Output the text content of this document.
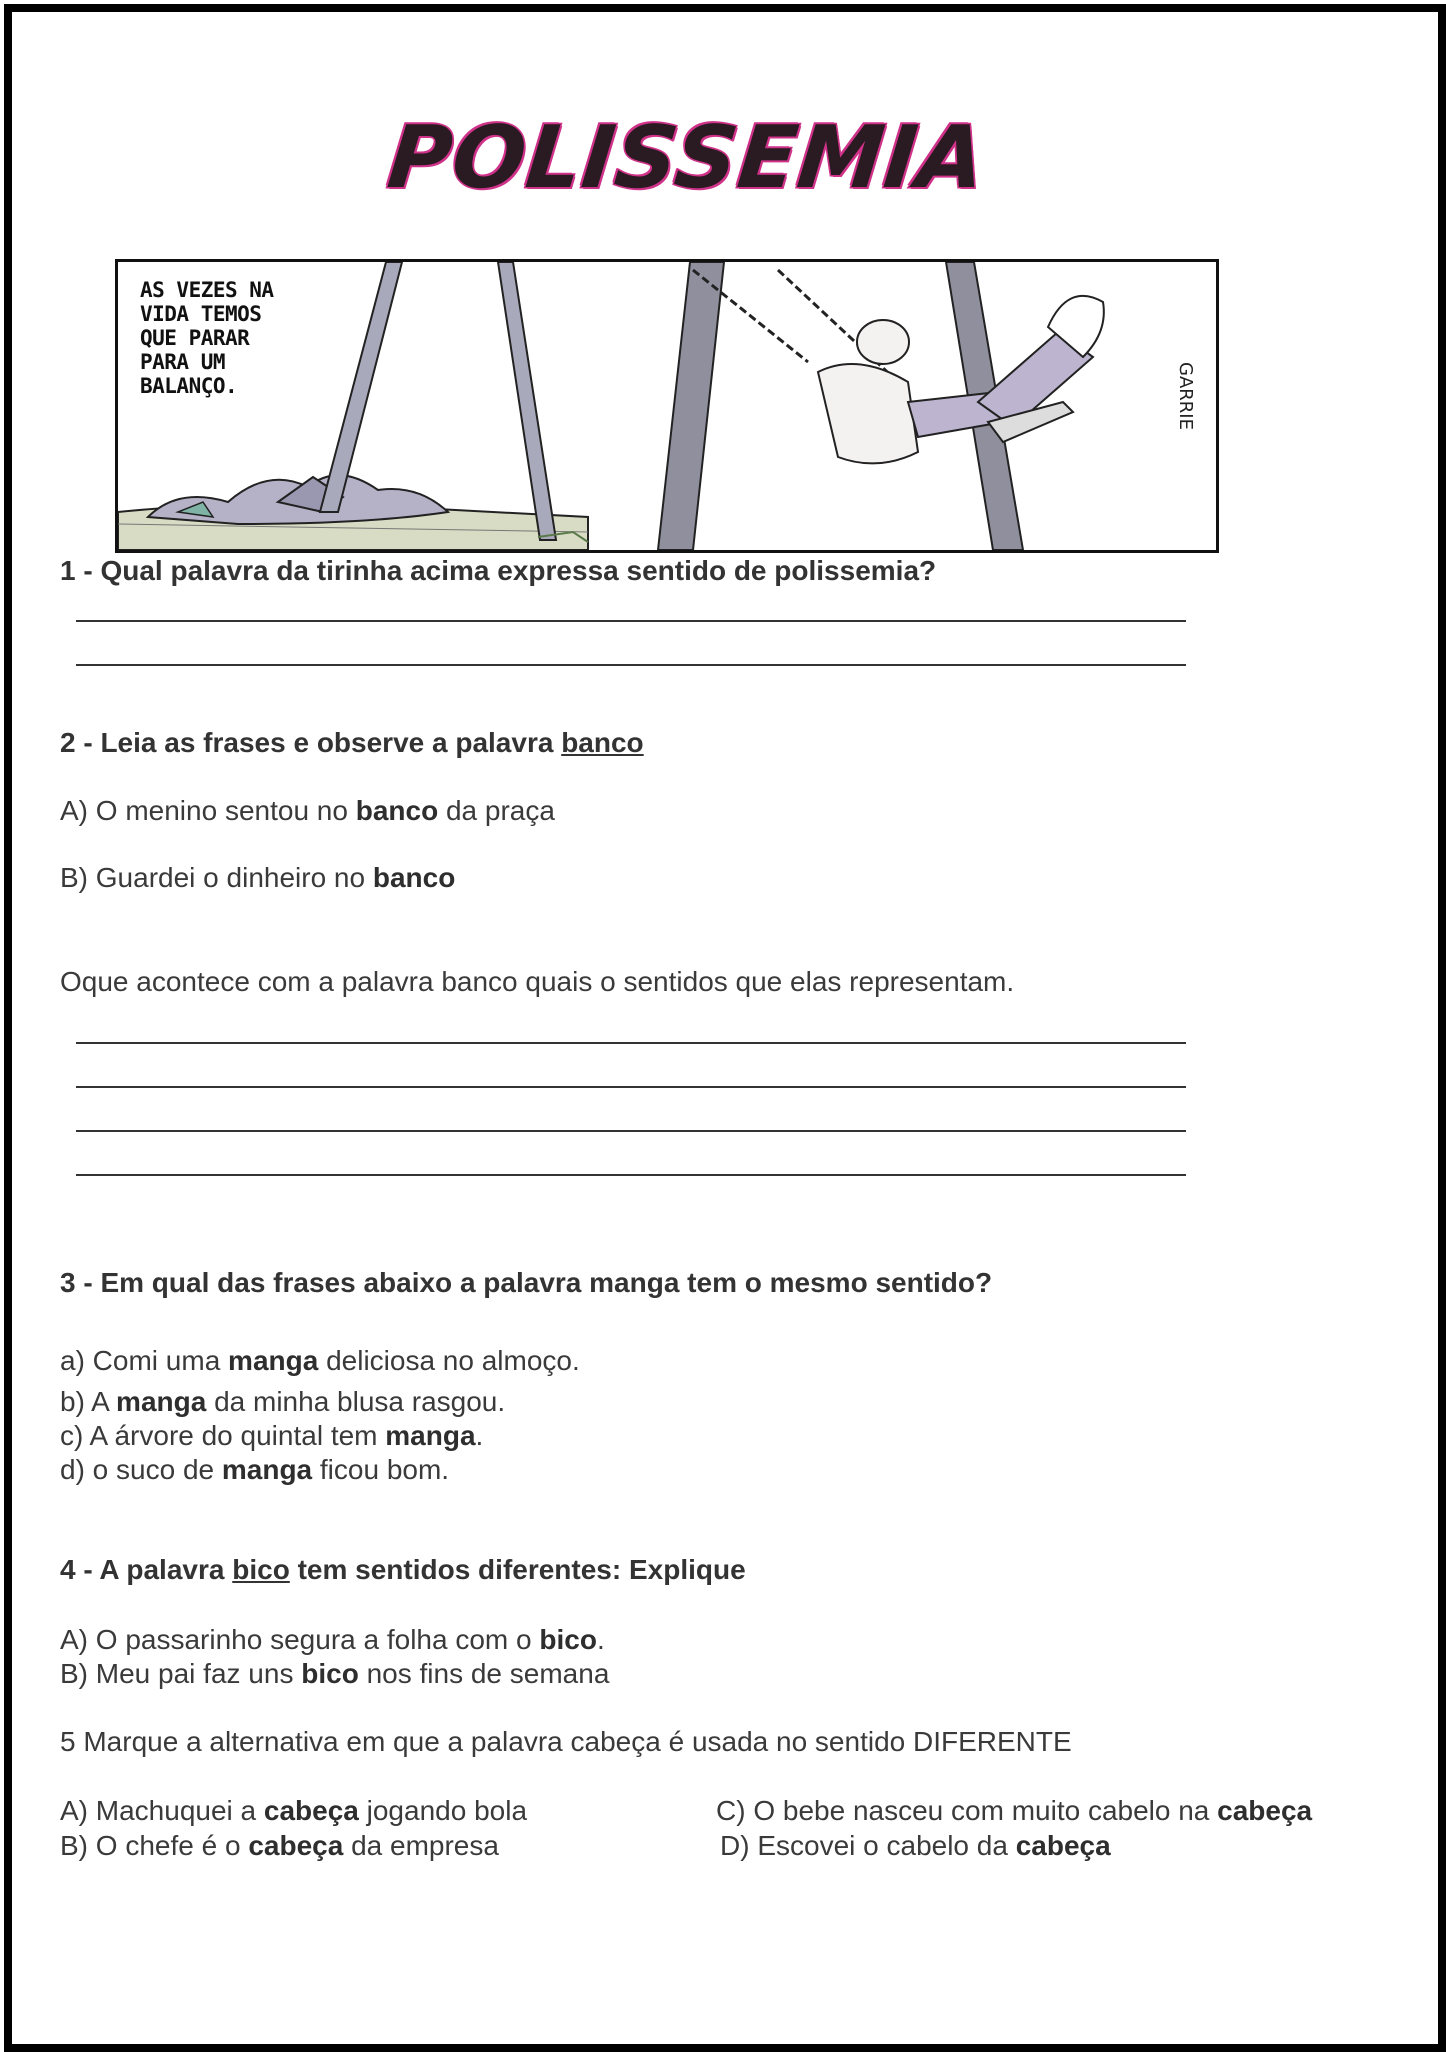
POLISSEMIA
GARRIE
AS VEZES NA
VIDA TEMOS
QUE PARAR
PARA UM
BALANÇO.
1 - Qual palavra da tirinha acima expressa sentido de polissemia?
2 - Leia as frases e observe a palavra banco
A) O menino sentou no banco da praça
B) Guardei o dinheiro no banco
Oque acontece com a palavra banco quais o sentidos que elas representam.
3 - Em qual das frases abaixo a palavra manga tem o mesmo sentido?
a) Comi uma manga deliciosa no almoço.
b) A manga da minha blusa rasgou.
c) A árvore do quintal tem manga.
d) o suco de manga ficou bom.
4 - A palavra bico tem sentidos diferentes: Explique
A) O passarinho segura a folha com o bico.
B) Meu pai faz uns bico nos fins de semana
5 Marque a alternativa em que a palavra cabeça é usada no sentido DIFERENTE
A) Machuquei a cabeça jogando bola
B) O chefe é o cabeça da empresa
C) O bebe nasceu com muito cabelo na cabeça
D) Escovei o cabelo da cabeça
